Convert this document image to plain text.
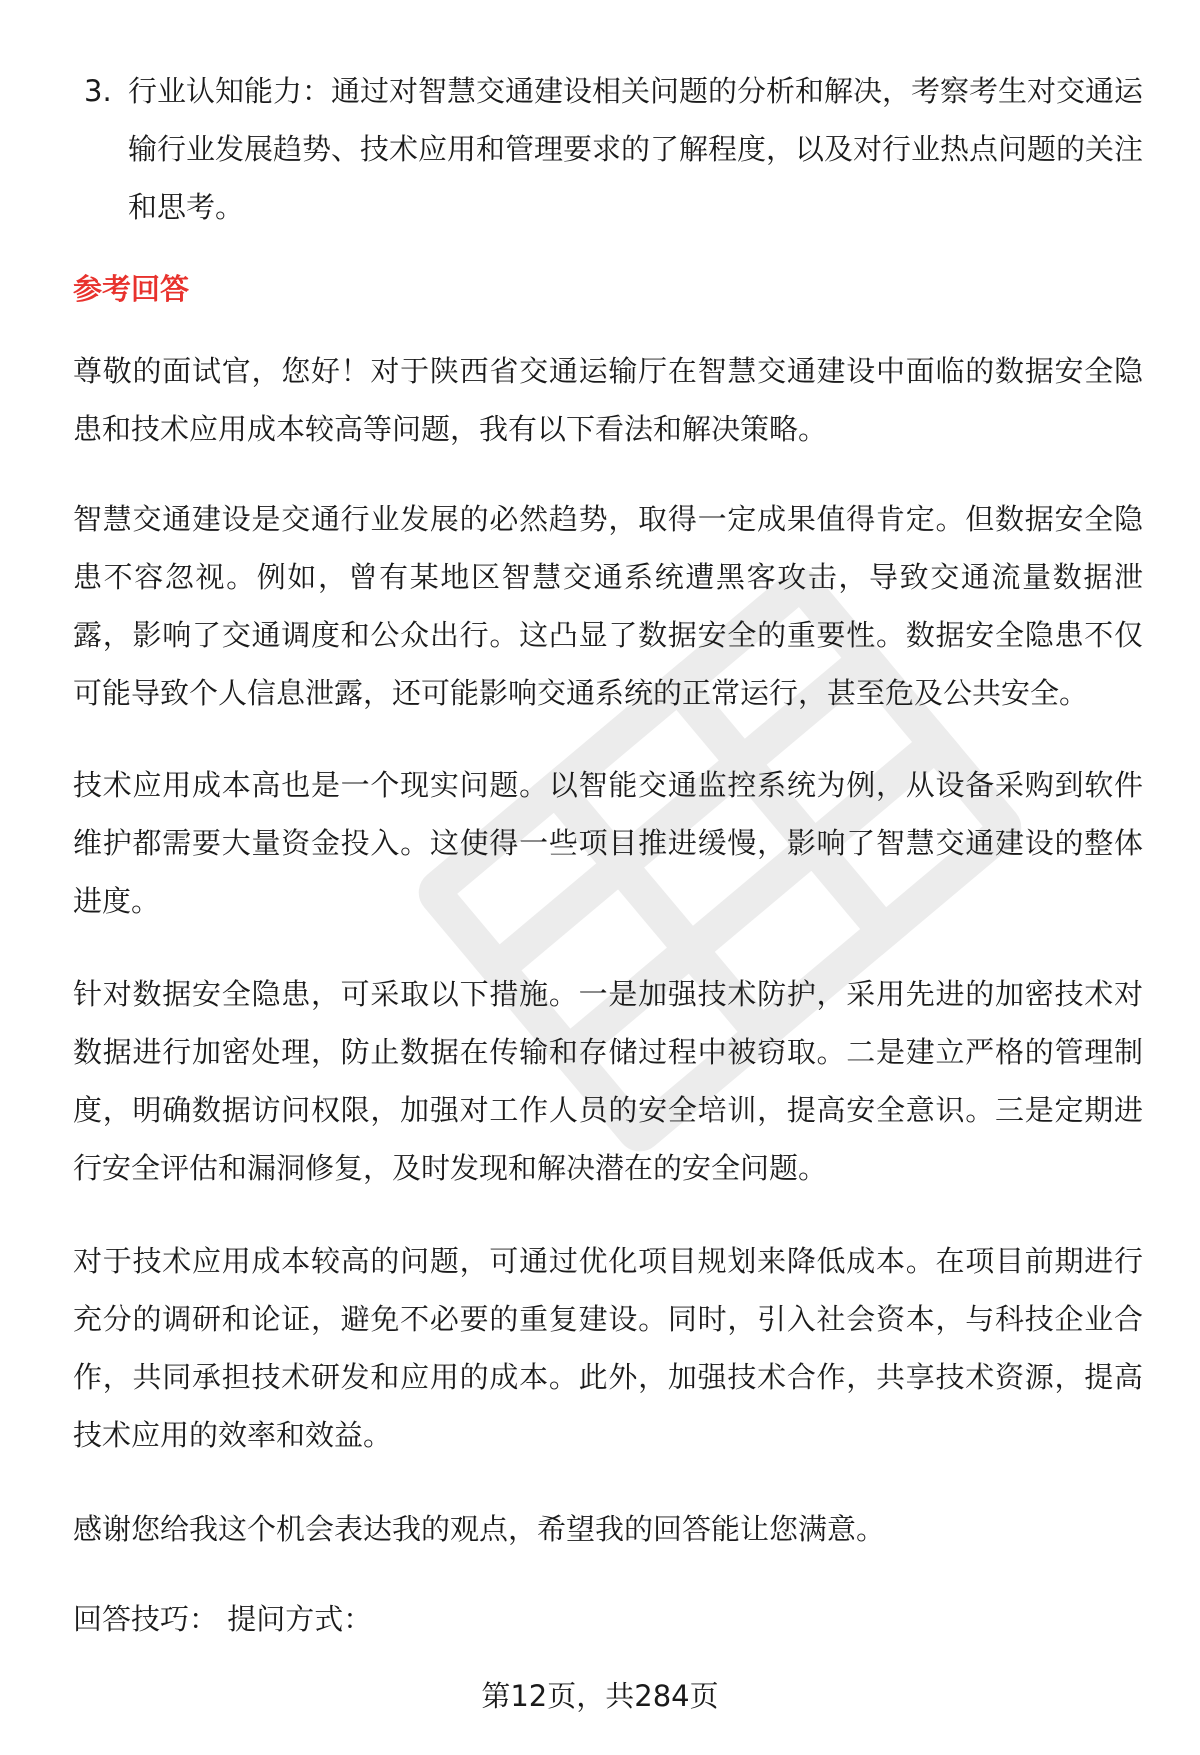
3. 行业认知能力：通过对智慧交通建设相关问题的分析和解决，考察考生对交通运输行业发展趋势、技术应用和管理要求的了解程度，以及对行业热点问题的关注和思考。
参考回答

尊敬的面试官，您好！对于陕西省交通运输厅在智慧交通建设中面临的数据安全隐患和技术应用成本较高等问题，我有以下看法和解决策略。

智慧交通建设是交通行业发展的必然趋势，取得一定成果值得肯定。但数据安全隐患不容忽视。例如，曾有某地区智慧交通系统遭黑客攻击，导致交通流量数据泄露，影响了交通调度和公众出行。这凸显了数据安全的重要性。数据安全隐患不仅可能导致个人信息泄露，还可能影响交通系统的正常运行，甚至危及公共安全。

技术应用成本高也是一个现实问题。以智能交通监控系统为例，从设备采购到软件维护都需要大量资金投入。这使得一些项目推进缓慢，影响了智慧交通建设的整体进度。

针对数据安全隐患，可采取以下措施。一是加强技术防护，采用先进的加密技术对数据进行加密处理，防止数据在传输和存储过程中被窃取。二是建立严格的管理制度，明确数据访问权限，加强对工作人员的安全培训，提高安全意识。三是定期进行安全评估和漏洞修复，及时发现和解决潜在的安全问题。

对于技术应用成本较高的问题，可通过优化项目规划来降低成本。在项目前期进行充分的调研和论证，避免不必要的重复建设。同时，引入社会资本，与科技企业合作，共同承担技术研发和应用的成本。此外，加强技术合作，共享技术资源，提高技术应用的效率和效益。

感谢您给我这个机会表达我的观点，希望我的回答能让您满意。

回答技巧： 提问方式：

第12页，共284页
